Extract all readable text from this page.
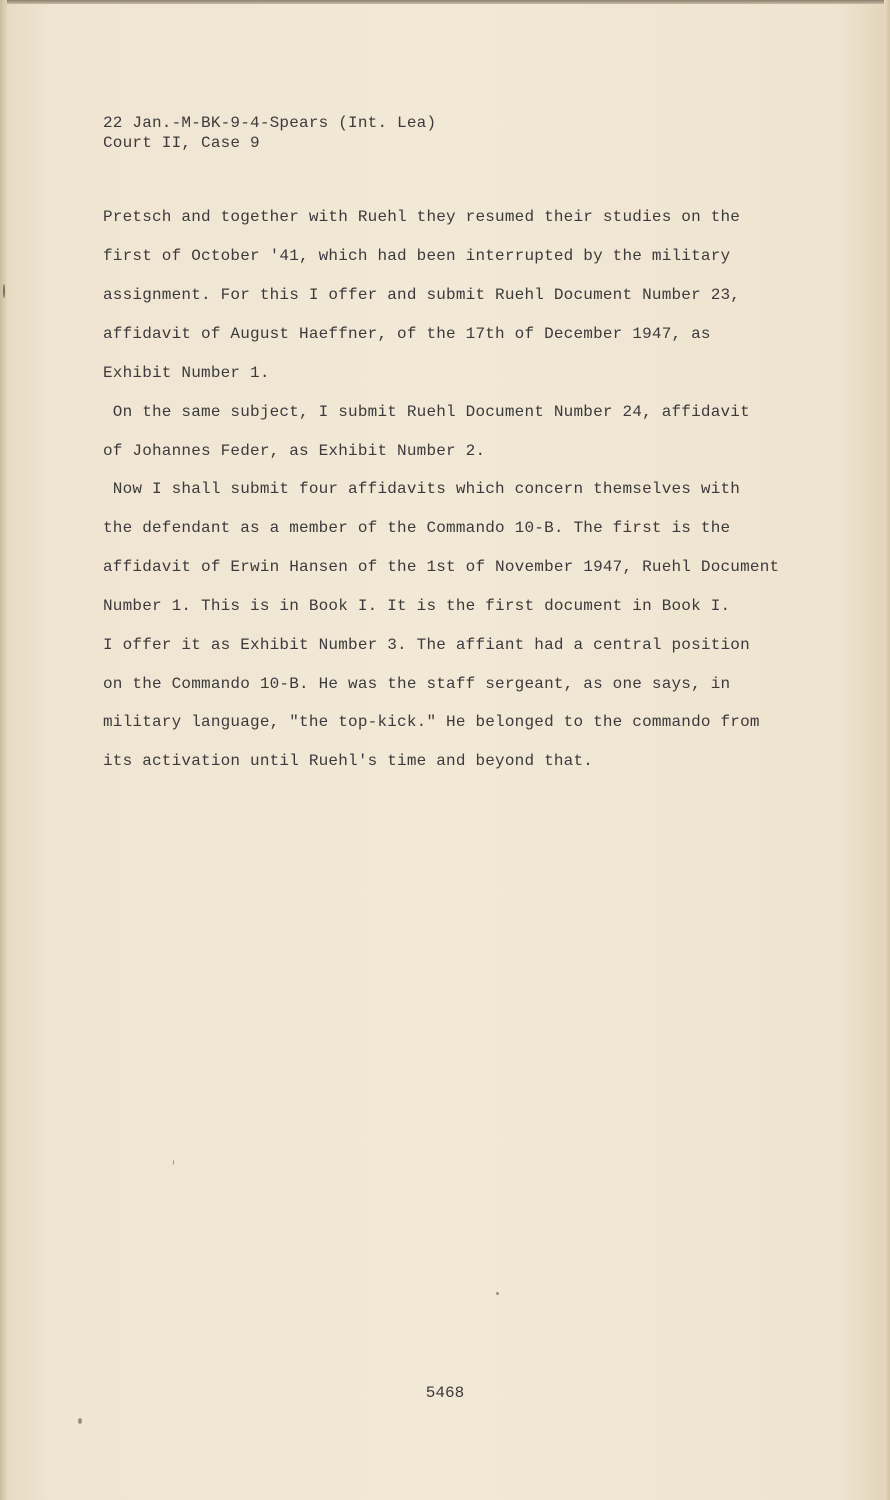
22 Jan.-M-BK-9-4-Spears (Int. Lea)
Court II, Case 9
Pretsch and together with Ruehl they resumed their studies on the
first of October '41, which had been interrupted by the military
assignment. For this I offer and submit Ruehl Document Number 23,
affidavit of August Haeffner, of the 17th of December 1947, as
Exhibit Number 1.
On the same subject, I submit Ruehl Document Number 24, affidavit
of Johannes Feder, as Exhibit Number 2.
Now I shall submit four affidavits which concern themselves with
the defendant as a member of the Commando 10-B. The first is the
affidavit of Erwin Hansen of the 1st of November 1947, Ruehl Document
Number 1. This is in Book I. It is the first document in Book I.
I offer it as Exhibit Number 3. The affiant had a central position
on the Commando 10-B. He was the staff sergeant, as one says, in
military language, "the top-kick." He belonged to the commando from
its activation until Ruehl's time and beyond that.
5468
